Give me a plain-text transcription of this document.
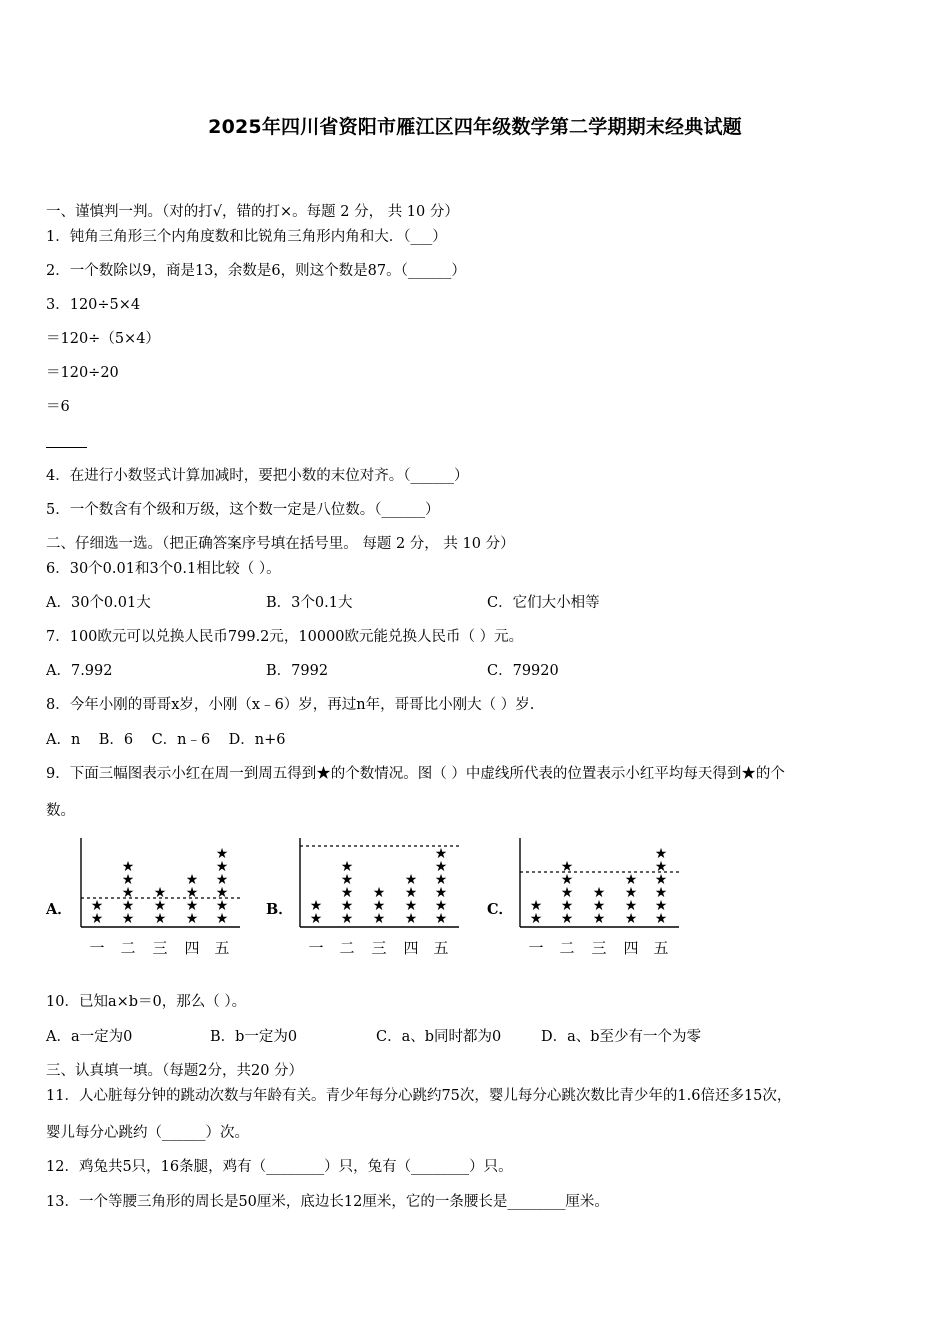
2025年四川省资阳市雁江区四年级数学第二学期期末经典试题
一、谨慎判一判。（对的打√，错的打×。每题 2 分， 共 10 分）
1．钝角三角形三个内角度数和比锐角三角形内角和大．（___）
2．一个数除以9，商是13，余数是6，则这个数是87。（______）
3．120÷5×4
＝120÷（5×4）
＝120÷20
＝6
4．在进行小数竖式计算加减时，要把小数的末位对齐。（______）
5．一个数含有个级和万级，这个数一定是八位数。（______）
二、仔细选一选。（把正确答案序号填在括号里。 每题 2 分， 共 10 分）
6．30个0.01和3个0.1相比较（ ）。
A．30个0.01大	B．3个0.1大	C．它们大小相等
7．100欧元可以兑换人民币799.2元，10000欧元能兑换人民币（ ）元。
A．7.992	B．7992	C．79920
8．今年小刚的哥哥x岁，小刚（x﹣6）岁，再过n年，哥哥比小刚大（ ）岁.
A．n    B．6    C．n﹣6    D．n+6
9．下面三幅图表示小红在周一到周五得到★的个数情况。图（ ）中虚线所代表的位置表示小红平均每天得到★的个
数。
A．	B．	C．
★
★
一
★
★
★
★
★
二
★
★
★
三
★
★
★
★
四
★
★
★
★
★
★
五
★
★
一
★
★
★
★
★
二
★
★
★
三
★
★
★
★
四
★
★
★
★
★
★
五
★
★
一
★
★
★
★
★
二
★
★
★
三
★
★
★
★
四
★
★
★
★
★
★
五
10．已知a×b＝0，那么（ ）。
A．a一定为0	B．b一定为0	C．a、b同时都为0	D．a、b至少有一个为零
三、认真填一填。（每题2分，共20 分）
11．人心脏每分钟的跳动次数与年龄有关。青少年每分心跳约75次，婴儿每分心跳次数比青少年的1.6倍还多15次，
婴儿每分心跳约（______）次。
12．鸡兔共5只，16条腿，鸡有（________）只，兔有（________）只。
13．一个等腰三角形的周长是50厘米，底边长12厘米，它的一条腰长是________厘米。
